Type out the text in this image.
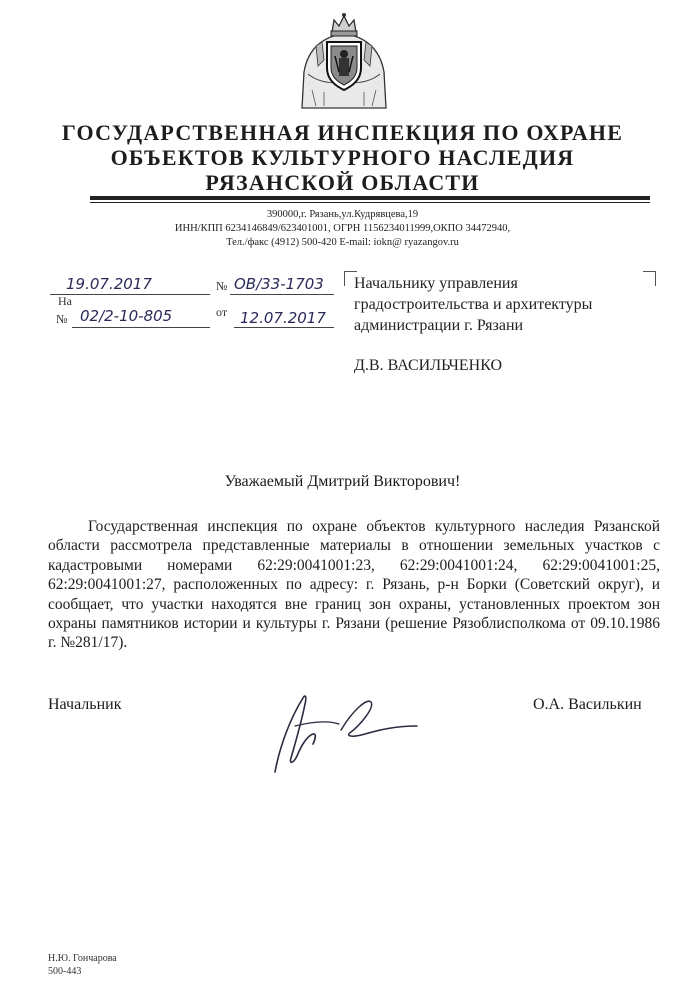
ГОСУДАРСТВЕННАЯ ИНСПЕКЦИЯ ПО ОХРАНЕ
ОБЪЕКТОВ КУЛЬТУРНОГО НАСЛЕДИЯ
РЯЗАНСКОЙ ОБЛАСТИ
390000,г. Рязань,ул.Кудрявцева,19
ИНН/КПП 6234146849/623401001, ОГРН 1156234011999,ОКПО 34472940,
Тел./факс (4912) 500-420 E-mail: iokn@ ryazangov.ru
19.07.2017	№ ОВ/33-1703
На
№ 02/2-10-805	от 12.07.2017
Начальнику управления
градостроительства и архитектуры
администрации г. Рязани
Д.В. ВАСИЛЬЧЕНКО
Уважаемый Дмитрий Викторович!
Государственная инспекция по охране объектов культурного наследия Рязанской области рассмотрела представленные материалы в отношении земельных участков с кадастровыми номерами 62:29:0041001:23, 62:29:0041001:24, 62:29:0041001:25, 62:29:0041001:27, расположенных по адресу: г. Рязань, р-н Борки (Советский округ), и сообщает, что участки находятся вне границ зон охраны, установленных проектом зон охраны памятников истории и культуры г. Рязани (решение Рязоблисполкома от 09.10.1986 г. №281/17).
Начальник	О.А. Василькин
Н.Ю. Гончарова
500-443
